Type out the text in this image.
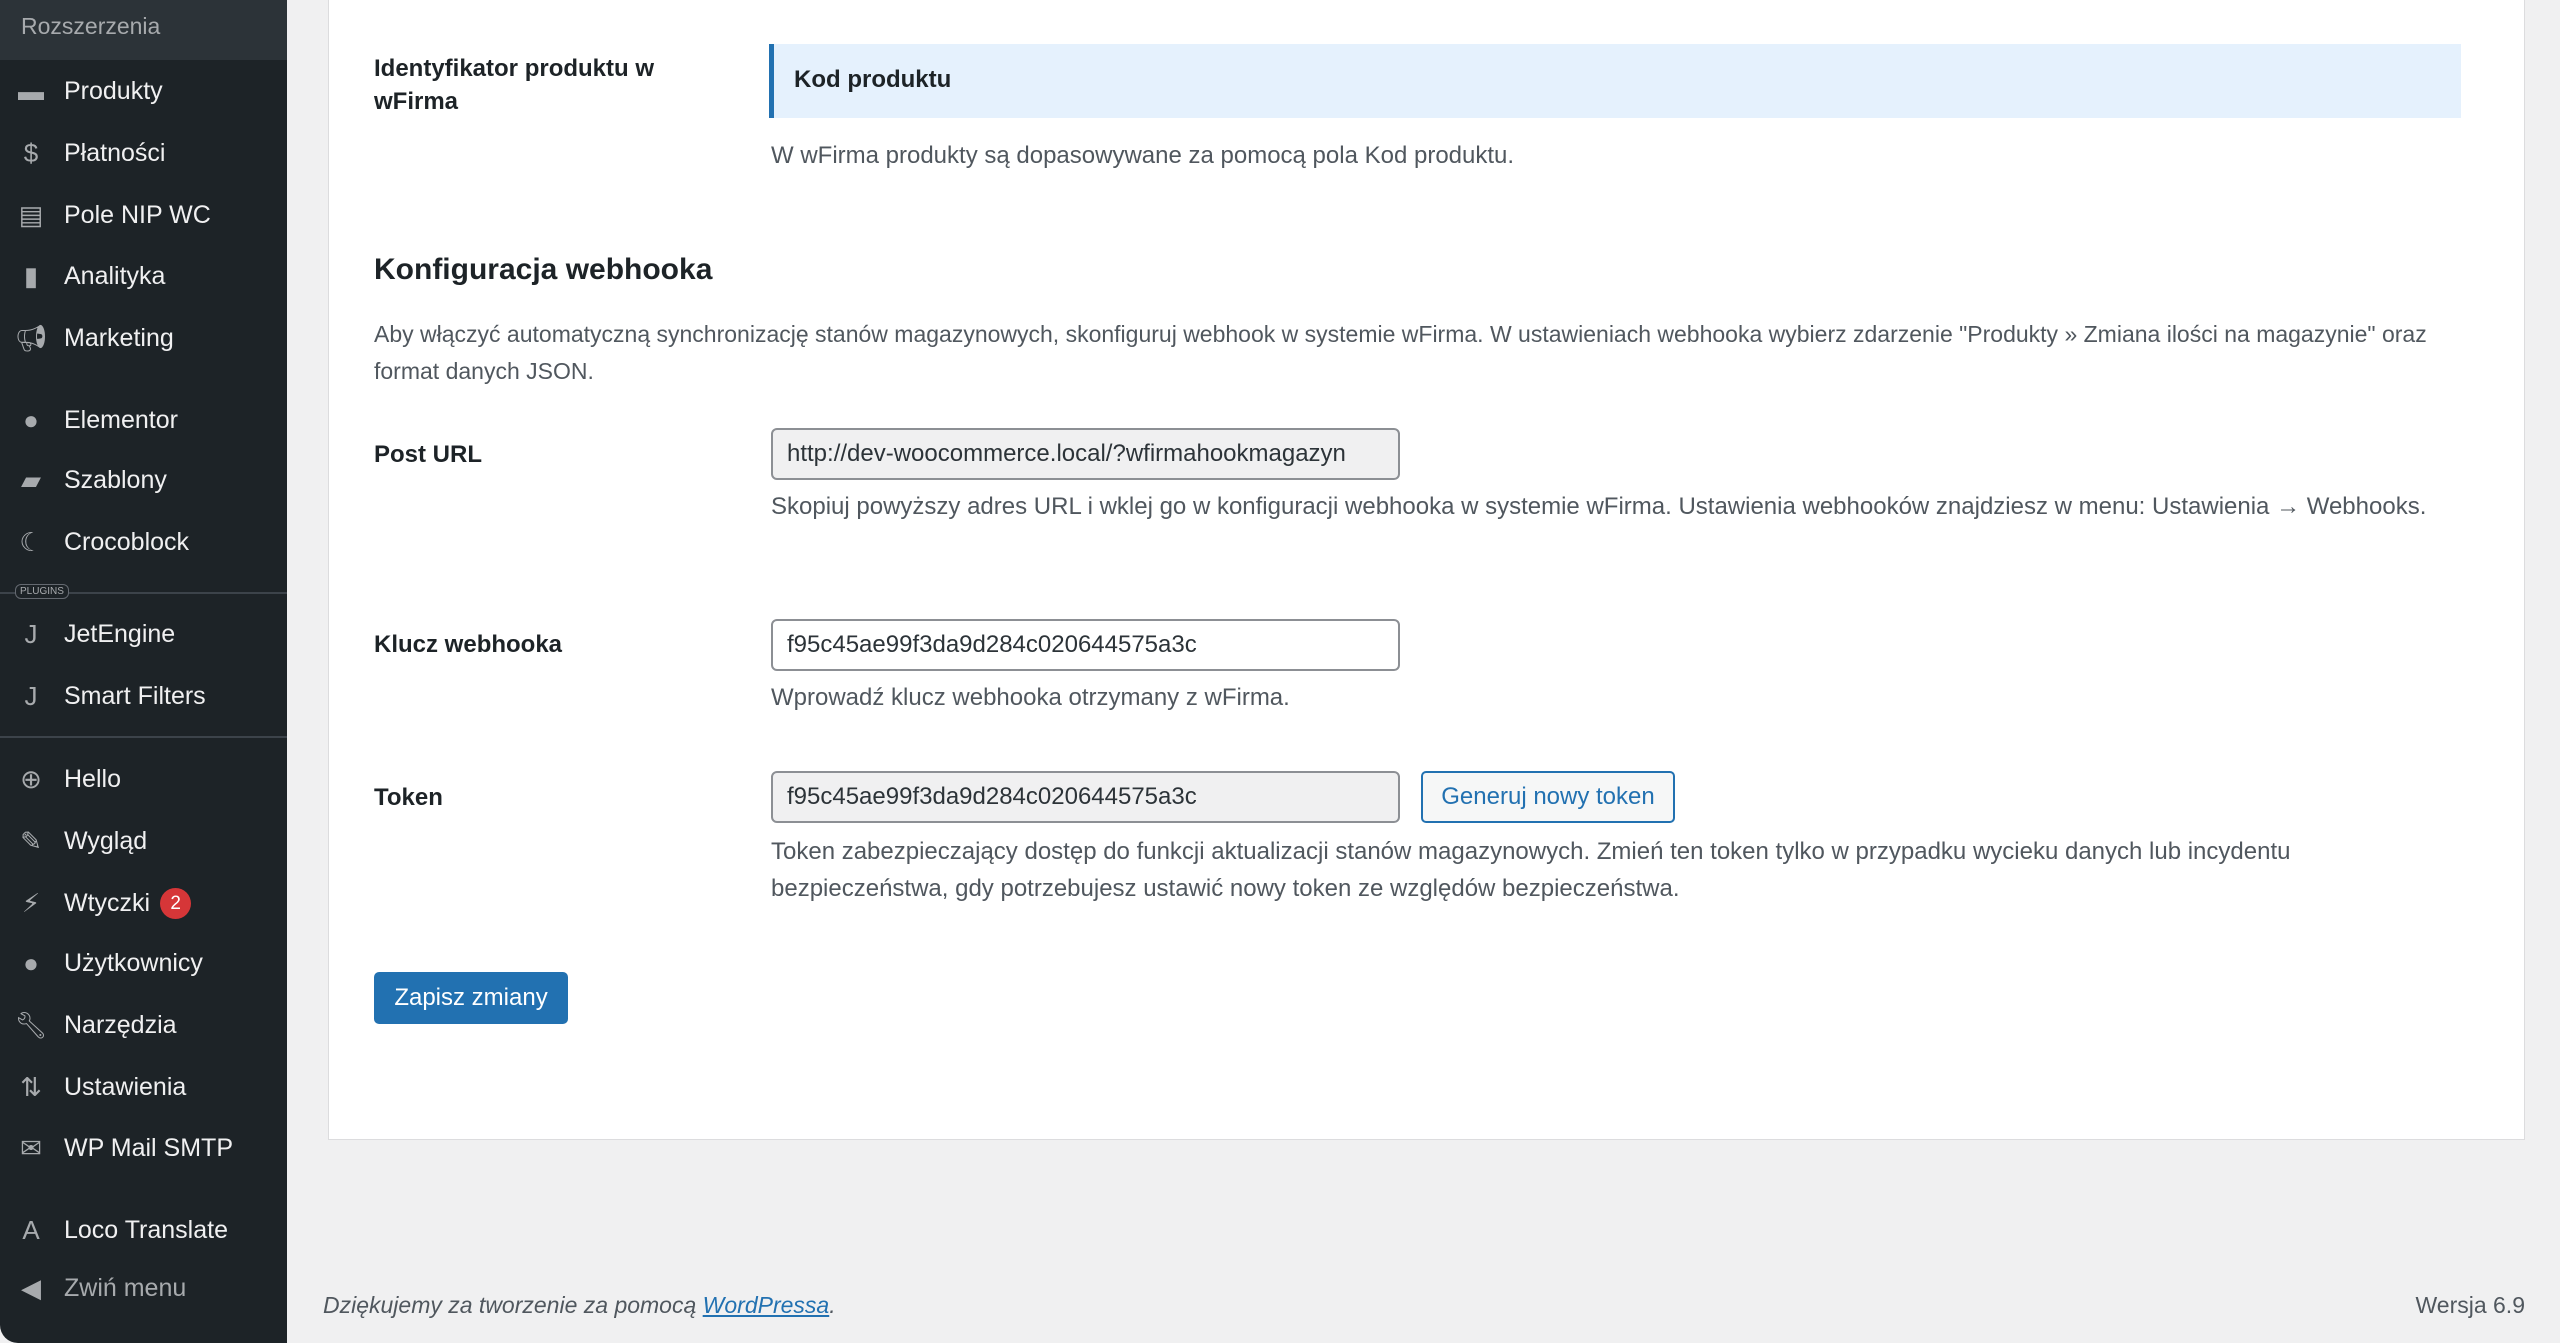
Rozszerzenia
▬ Produkty
$	Płatności
▤ Pole NIP WC
▮	Analityka
📢︎ Marketing
●	Elementor
▰ Szablony
☾ Crocoblock
J	JetEngine
J	Smart Filters
⊕ Hello
✎ Wygląd
⚡︎ Wtyczki	2
●	Użytkownicy
🔧︎ Narzędzia
⇅ Ustawienia
✉ WP Mail SMTP
A Loco Translate
◀ Zwiń menu
PLUGINS
Identyfikator produktu w wFirma
Kod produktu
W wFirma produkty są dopasowywane za pomocą pola Kod produktu.
Konfiguracja webhooka
Aby włączyć automatyczną synchronizację stanów magazynowych, skonfiguruj webhook w systemie wFirma. W ustawieniach webhooka wybierz zdarzenie "Produkty » Zmiana ilości na magazynie" oraz format danych JSON.
Post URL	http://dev-woocommerce.local/?wfirmahookmagazyn
Skopiuj powyższy adres URL i wklej go w konfiguracji webhooka w systemie wFirma. Ustawienia webhooków znajdziesz w menu: Ustawienia → Webhooks.
Klucz webhooka	f95c45ae99f3da9d284c020644575a3c
Wprowadź klucz webhooka otrzymany z wFirma.
Token	f95c45ae99f3da9d284c020644575a3c	Generuj nowy token
Token zabezpieczający dostęp do funkcji aktualizacji stanów magazynowych. Zmień ten token tylko w przypadku wycieku danych lub incydentu bezpieczeństwa, gdy potrzebujesz ustawić nowy token ze względów bezpieczeństwa.
Zapisz zmiany
Dziękujemy za tworzenie za pomocą WordPressa.	Wersja 6.9
